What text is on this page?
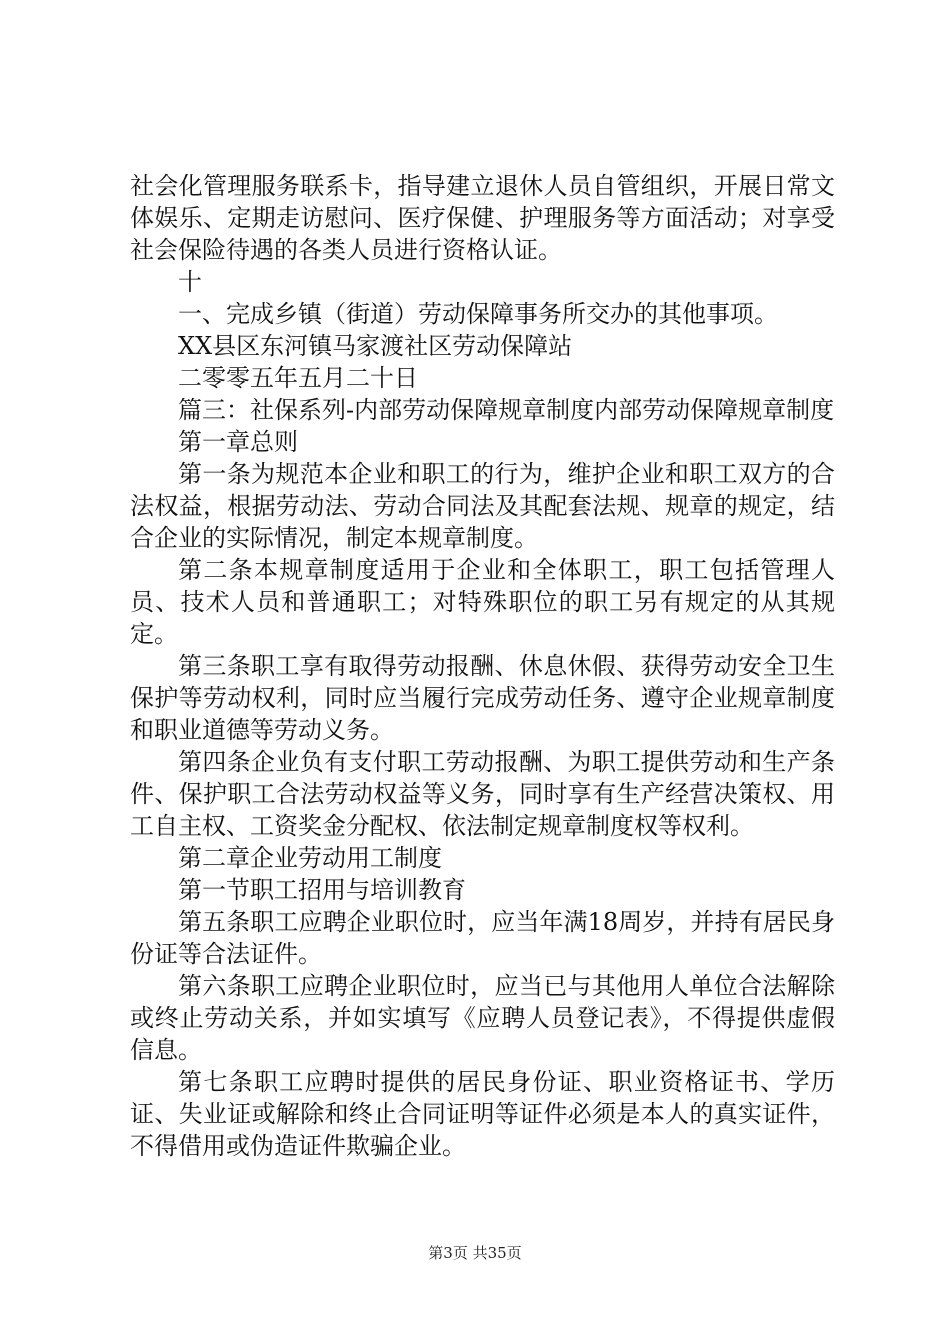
社会化管理服务联系卡，指导建立退休人员自管组织，开展日常文体娱乐、定期走访慰问、医疗保健、护理服务等方面活动；对享受社会保险待遇的各类人员进行资格认证。

十

一、完成乡镇（街道）劳动保障事务所交办的其他事项。

XX县区东河镇马家渡社区劳动保障站

二零零五年五月二十日

篇三：社保系列-内部劳动保障规章制度内部劳动保障规章制度

第一章总则

第一条为规范本企业和职工的行为，维护企业和职工双方的合法权益，根据劳动法、劳动合同法及其配套法规、规章的规定，结合企业的实际情况，制定本规章制度。

第二条本规章制度适用于企业和全体职工，职工包括管理人员、技术人员和普通职工；对特殊职位的职工另有规定的从其规定。

第三条职工享有取得劳动报酬、休息休假、获得劳动安全卫生保护等劳动权利，同时应当履行完成劳动任务、遵守企业规章制度和职业道德等劳动义务。

第四条企业负有支付职工劳动报酬、为职工提供劳动和生产条件、保护职工合法劳动权益等义务，同时享有生产经营决策权、用工自主权、工资奖金分配权、依法制定规章制度权等权利。

第二章企业劳动用工制度

第一节职工招用与培训教育

第五条职工应聘企业职位时，应当年满18周岁，并持有居民身份证等合法证件。

第六条职工应聘企业职位时，应当已与其他用人单位合法解除或终止劳动关系，并如实填写《应聘人员登记表》，不得提供虚假信息。

第七条职工应聘时提供的居民身份证、职业资格证书、学历证、失业证或解除和终止合同证明等证件必须是本人的真实证件，不得借用或伪造证件欺骗企业。

第3页 共35页
